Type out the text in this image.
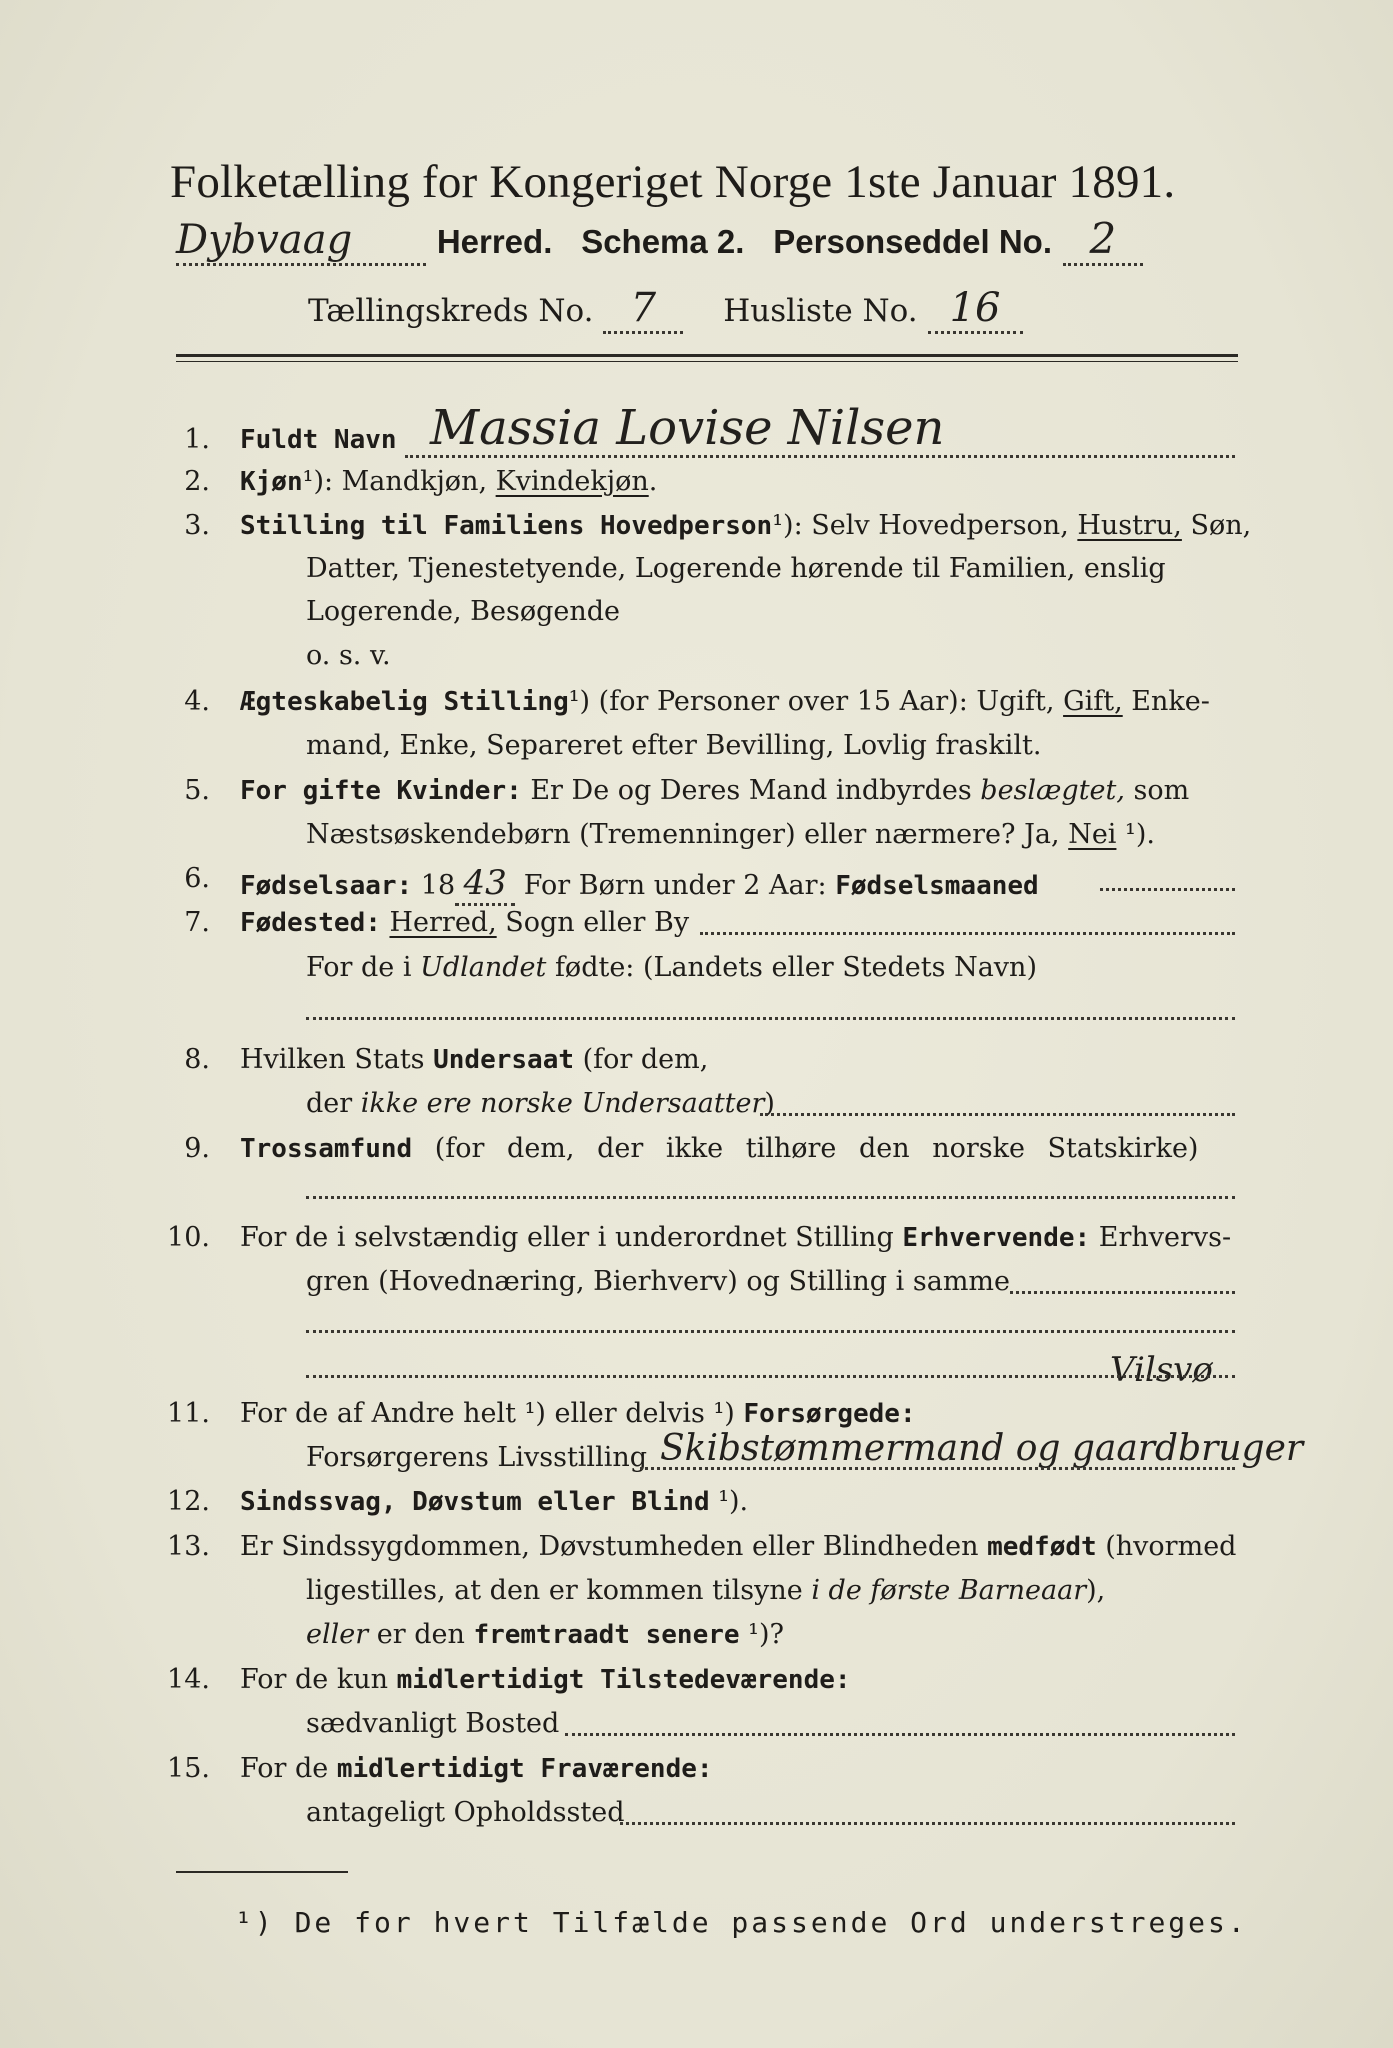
Folketælling for Kongeriget Norge 1ste Januar 1891.
Dybvaag	Herred. Schema 2. Personseddel No. 2
Tællingskreds No. 7 Husliste No. 16
1. Fuldt Navn Massia Lovise Nilsen
2. Kjøn¹): Mandkjøn, Kvindekjøn.
3. Stilling til Familiens Hovedperson¹): Selv Hovedperson, Hustru, Søn,
Datter, Tjenestetyende, Logerende hørende til Familien, enslig
Logerende, Besøgende
o. s. v.
4. Ægteskabelig Stilling¹) (for Personer over 15 Aar): Ugift, Gift, Enke-
mand, Enke, Separeret efter Bevilling, Lovlig fraskilt.
5. For gifte Kvinder: Er De og Deres Mand indbyrdes beslægtet, som
Næstsøskendebørn (Tremenninger) eller nærmere? Ja, Nei ¹).
6. Fødselsaar: 18 43 For Børn under 2 Aar: Fødselsmaaned
7. Fødested: Herred, Sogn eller By
For de i Udlandet fødte: (Landets eller Stedets Navn)
8. Hvilken Stats Undersaat (for dem,
der ikke ere norske Undersaatter)
9. Trossamfund (for dem, der ikke tilhøre den norske Statskirke)
10. For de i selvstændig eller i underordnet Stilling Erhvervende: Erhvervs-
gren (Hovednæring, Bierhverv) og Stilling i samme
Vilsvø
11. For de af Andre helt ¹) eller delvis ¹) Forsørgede:
Forsørgerens Livsstilling Skibstømmermand og gaardbruger
12. Sindssvag, Døvstum eller Blind ¹).
13. Er Sindssygdommen, Døvstumheden eller Blindheden medfødt (hvormed
ligestilles, at den er kommen tilsyne i de første Barneaar),
eller er den fremtraadt senere ¹)?
14. For de kun midlertidigt Tilstedeværende:
sædvanligt Bosted
15. For de midlertidigt Fraværende:
antageligt Opholdssted
¹) De for hvert Tilfælde passende Ord understreges.
